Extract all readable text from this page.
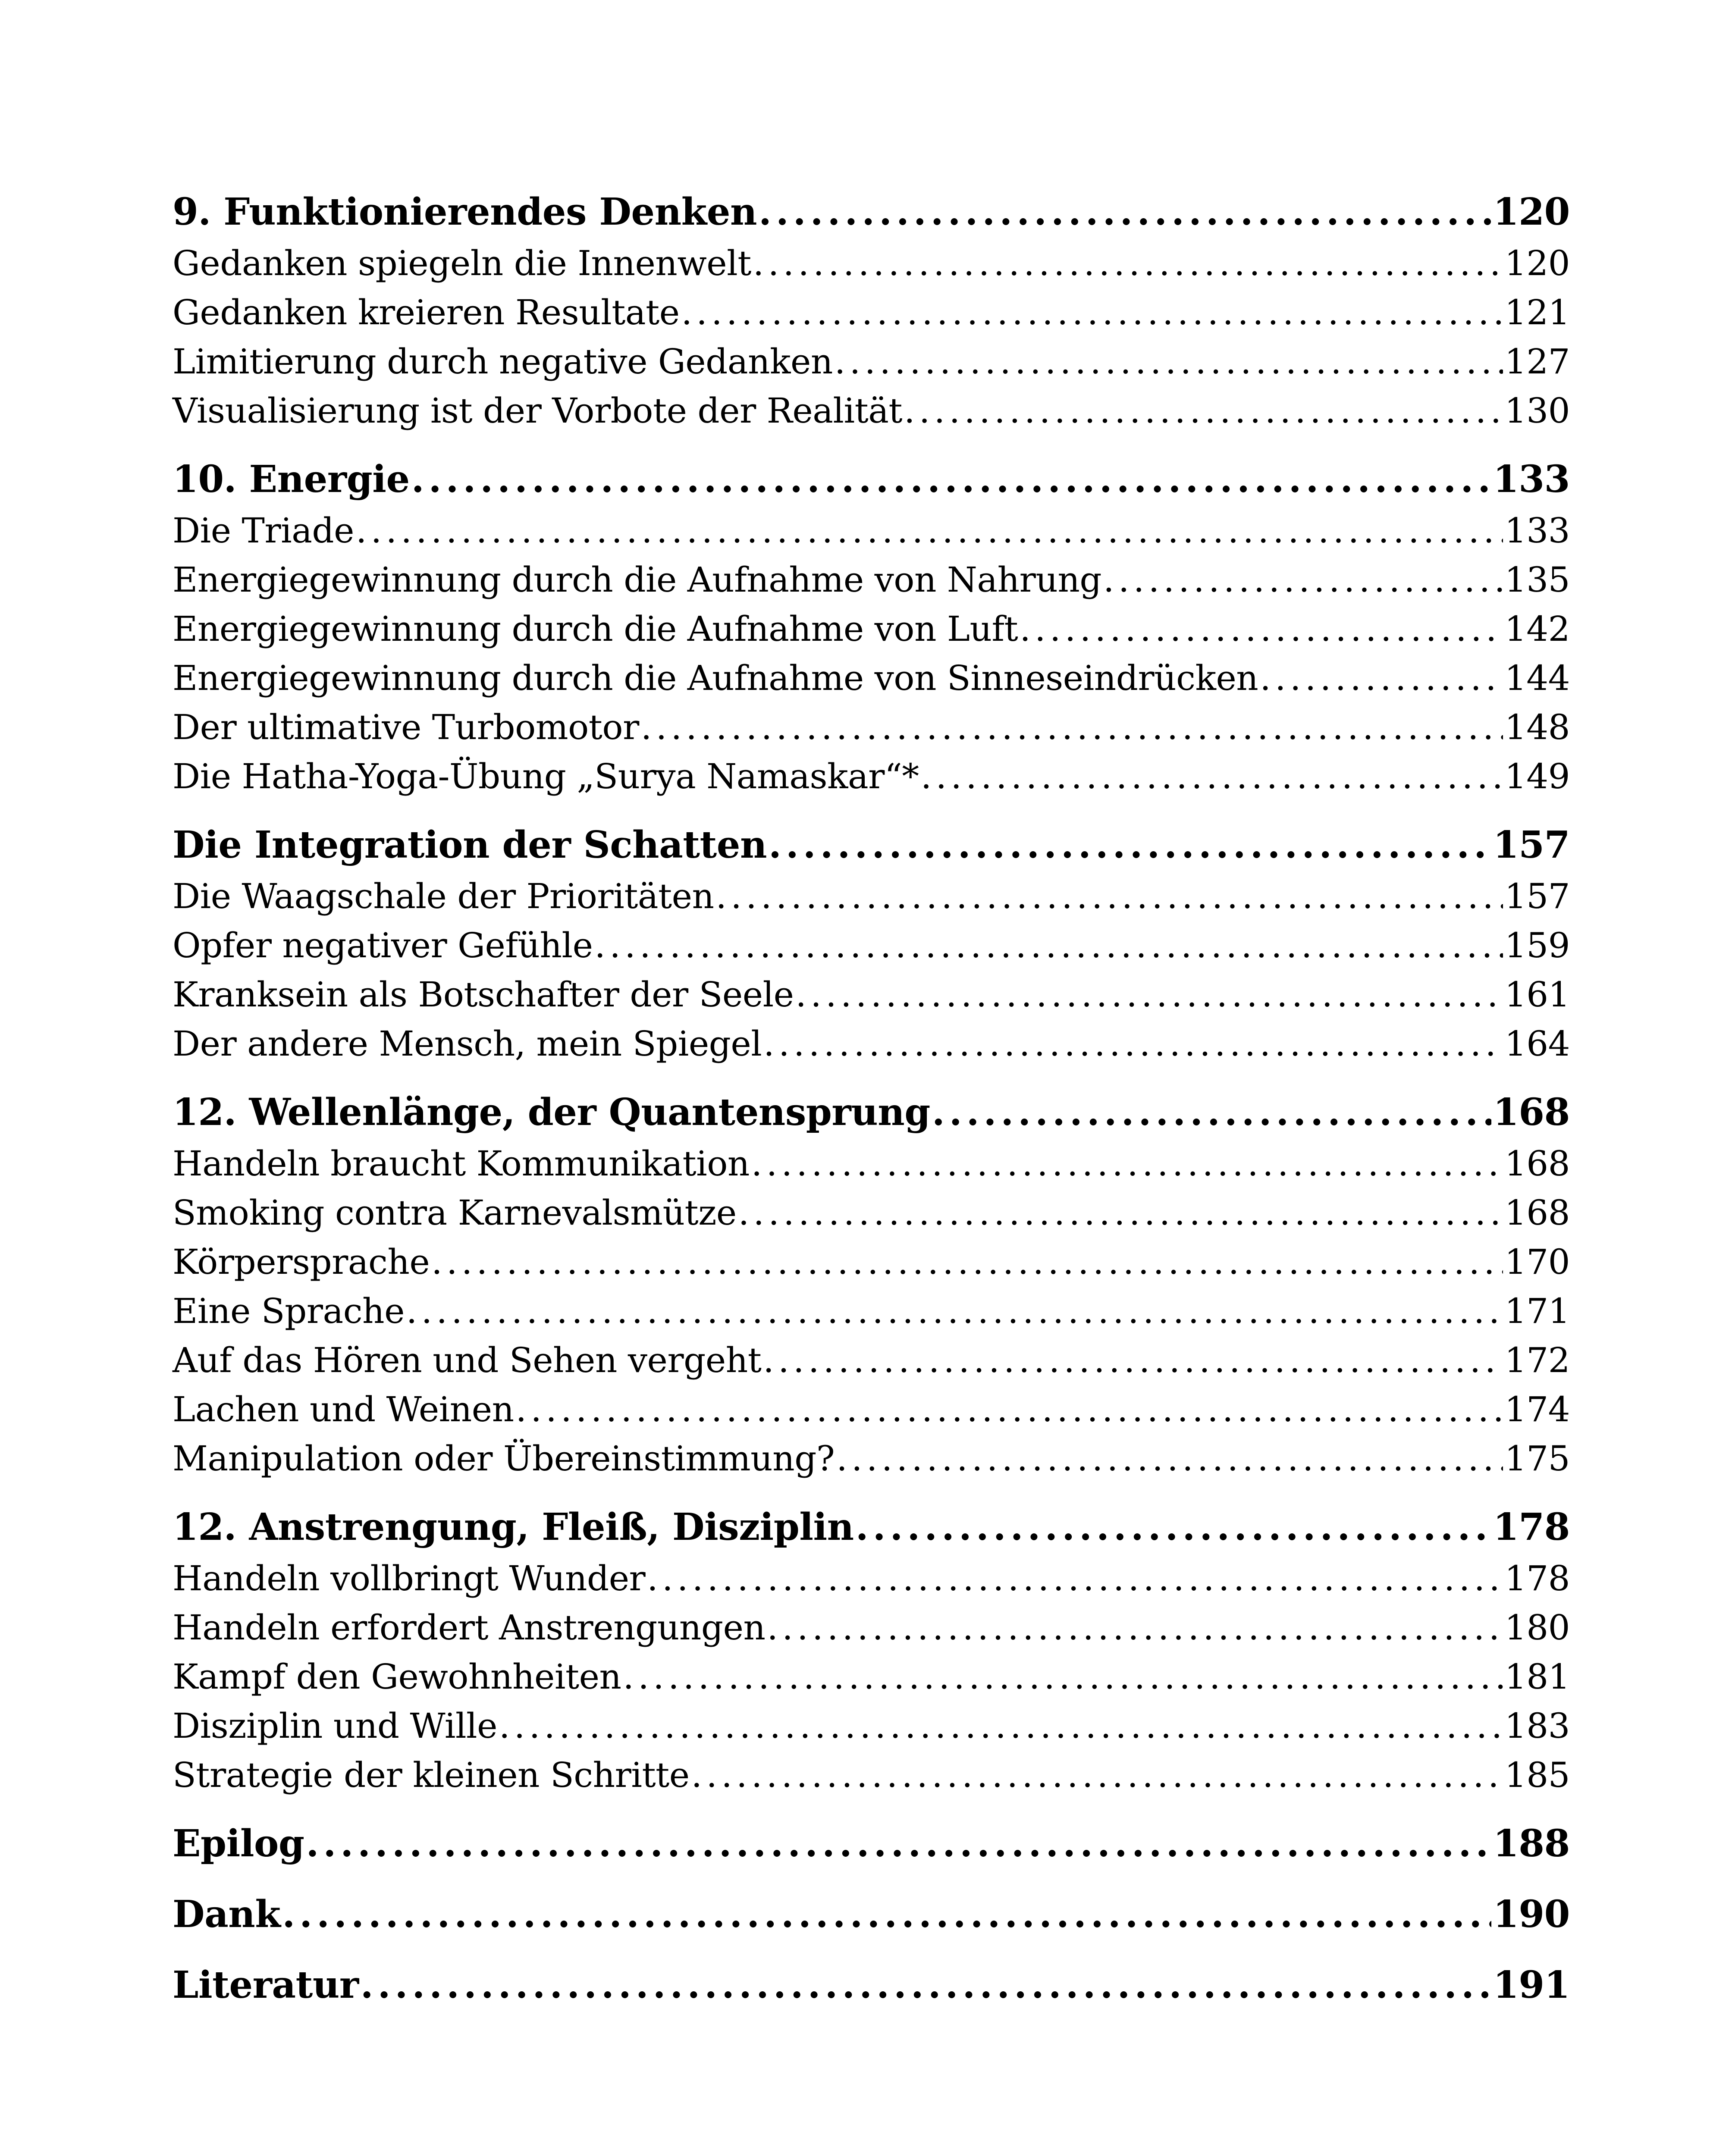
9. Funktionierendes Denken . . .	120
Gedanken spiegeln die Innenwelt . . .	120
Gedanken kreieren Resultate . . .	121
Limitierung durch negative Gedanken . . .	127
Visualisierung ist der Vorbote der Realität . . .	130
10. Energie . . .	133
Die Triade . . .	133
Energiegewinnung durch die Aufnahme von Nahrung . . .	135
Energiegewinnung durch die Aufnahme von Luft . . .	142
Energiegewinnung durch die Aufnahme von Sinneseindrücken . . .	144
Der ultimative Turbomotor . . .	148
Die Hatha-Yoga-Übung „Surya Namaskar“* . . .	149
Die Integration der Schatten . . .	157
Die Waagschale der Prioritäten . . .	157
Opfer negativer Gefühle . . .	159
Kranksein als Botschafter der Seele . . .	161
Der andere Mensch, mein Spiegel . . .	164
12. Wellenlänge, der Quantensprung . . .	168
Handeln braucht Kommunikation . . .	168
Smoking contra Karnevalsmütze . . .	168
Körpersprache . . .	170
Eine Sprache . . .	171
Auf das Hören und Sehen vergeht . . .	172
Lachen und Weinen . . .	174
Manipulation oder Übereinstimmung? . . .	175
12. Anstrengung, Fleiß, Disziplin . . .	178
Handeln vollbringt Wunder . . .	178
Handeln erfordert Anstrengungen . . .	180
Kampf den Gewohnheiten . . .	181
Disziplin und Wille . . .	183
Strategie der kleinen Schritte . . .	185
Epilog . . .	188
Dank . . .	190
Literatur . . .	191
